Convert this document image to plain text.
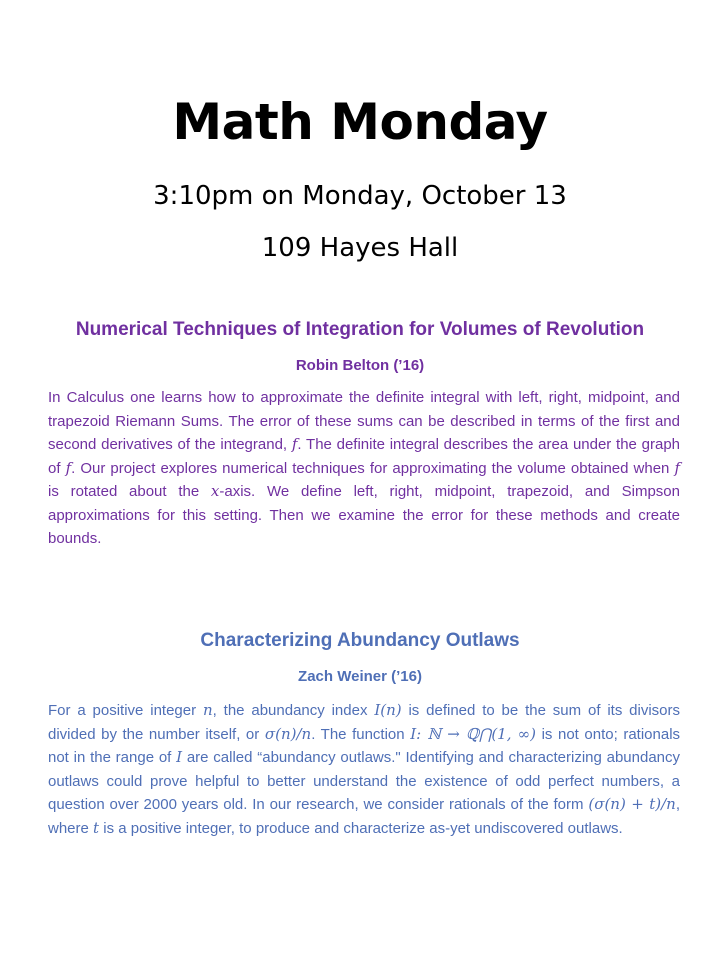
Math Monday
3:10pm on Monday, October 13
109 Hayes Hall
Numerical Techniques of Integration for Volumes of Revolution
Robin Belton (’16)

In Calculus one learns how to approximate the definite integral with left, right, midpoint, and trapezoid Riemann Sums. The error of these sums can be described in terms of the first and second derivatives of the integrand, f. The definite integral describes the area under the graph of f. Our project explores numerical techniques for approximating the volume obtained when f is rotated about the x-axis. We define left, right, midpoint, trapezoid, and Simpson approximations for this setting. Then we examine the error for these methods and create bounds.

Characterizing Abundancy Outlaws
Zach Weiner (’16)

For a positive integer n, the abundancy index I(n) is defined to be the sum of its divisors divided by the number itself, or σ(n)/n. The function I: ℕ → ℚ⋂(1, ∞) is not onto; rationals not in the range of I are called “abundancy outlaws." Identifying and characterizing abundancy outlaws could prove helpful to better understand the existence of odd perfect numbers, a question over 2000 years old. In our research, we consider rationals of the form (σ(n) + t)/n, where t is a positive integer, to produce and characterize as-yet undiscovered outlaws.
